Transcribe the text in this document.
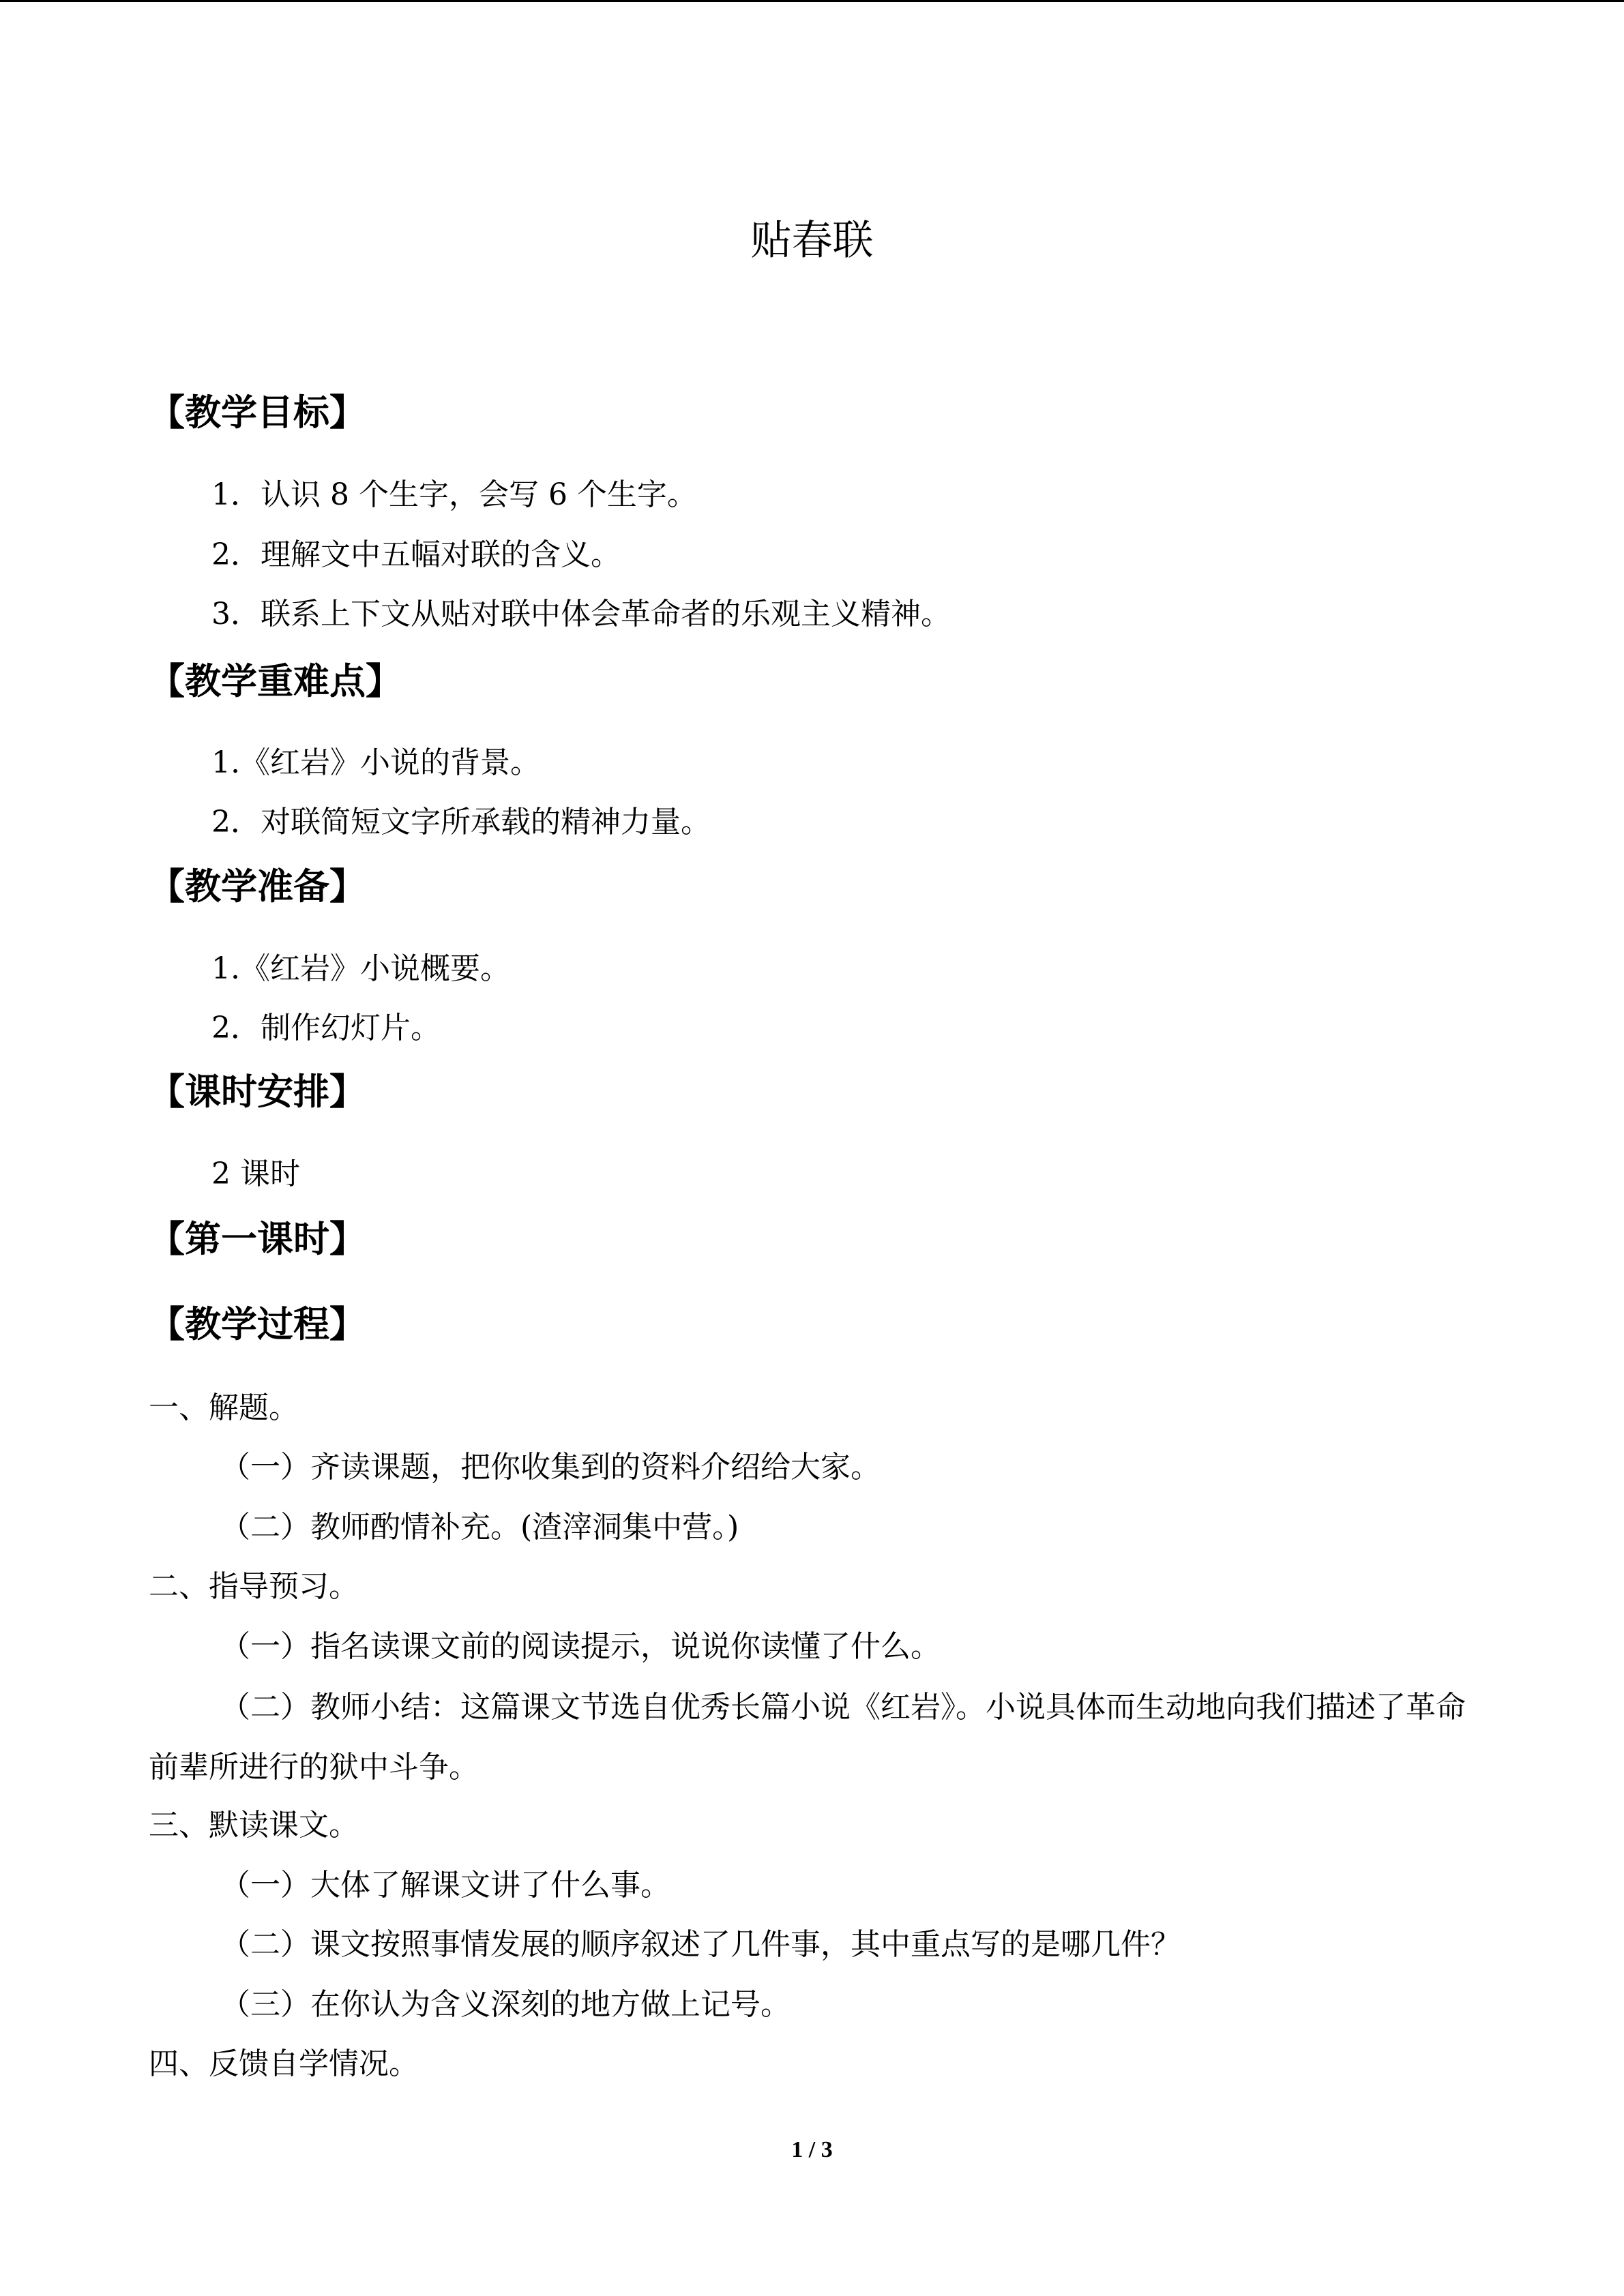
贴春联
【教学目标】
1．认识 8 个生字，会写 6 个生字。
2．理解文中五幅对联的含义。
3．联系上下文从贴对联中体会革命者的乐观主义精神。
【教学重难点】
1.《红岩》小说的背景。
2．对联简短文字所承载的精神力量。
【教学准备】
1.《红岩》小说概要。
2．制作幻灯片。
【课时安排】
2 课时
【第一课时】
【教学过程】
一、解题。
（一）齐读课题，把你收集到的资料介绍给大家。
（二）教师酌情补充。(渣滓洞集中营。)
二、指导预习。
（一）指名读课文前的阅读提示，说说你读懂了什么。
（二）教师小结：这篇课文节选自优秀长篇小说《红岩》。小说具体而生动地向我们描述了革命前辈所进行的狱中斗争。
三、默读课文。
（一）大体了解课文讲了什么事。
（二）课文按照事情发展的顺序叙述了几件事，其中重点写的是哪几件？
（三）在你认为含义深刻的地方做上记号。
四、反馈自学情况。
1 / 3
